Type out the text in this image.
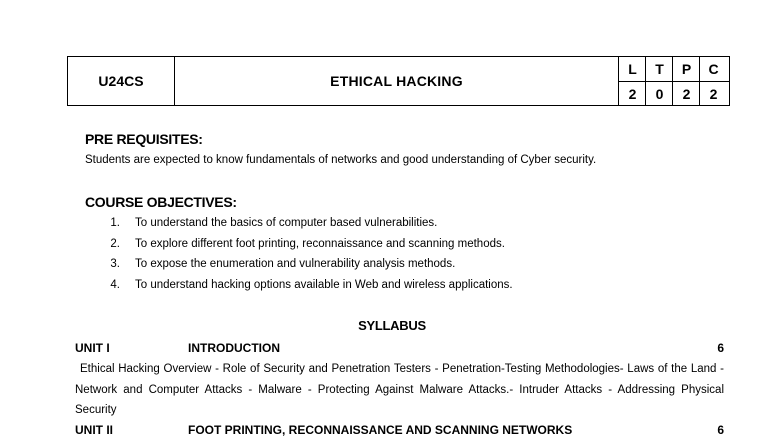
U24CS	ETHICAL HACKING
L	T	P	C
2	0	2	2
PRE REQUISITES:
Students are expected to know fundamentals of networks and good understanding of Cyber security.
COURSE OBJECTIVES:
1. To understand the basics of computer based vulnerabilities.
2. To explore different foot printing, reconnaissance and scanning methods.
3. To expose the enumeration and vulnerability analysis methods.
4. To understand hacking options available in Web and wireless applications.
SYLLABUS
UNIT I	INTRODUCTION	6
Ethical Hacking Overview - Role of Security and Penetration Testers - Penetration-Testing Methodologies- Laws of the Land - Network and Computer Attacks - Malware - Protecting Against Malware Attacks.- Intruder Attacks - Addressing Physical Security
UNIT II	FOOT PRINTING, RECONNAISSANCE AND SCANNING NETWORKS	6
